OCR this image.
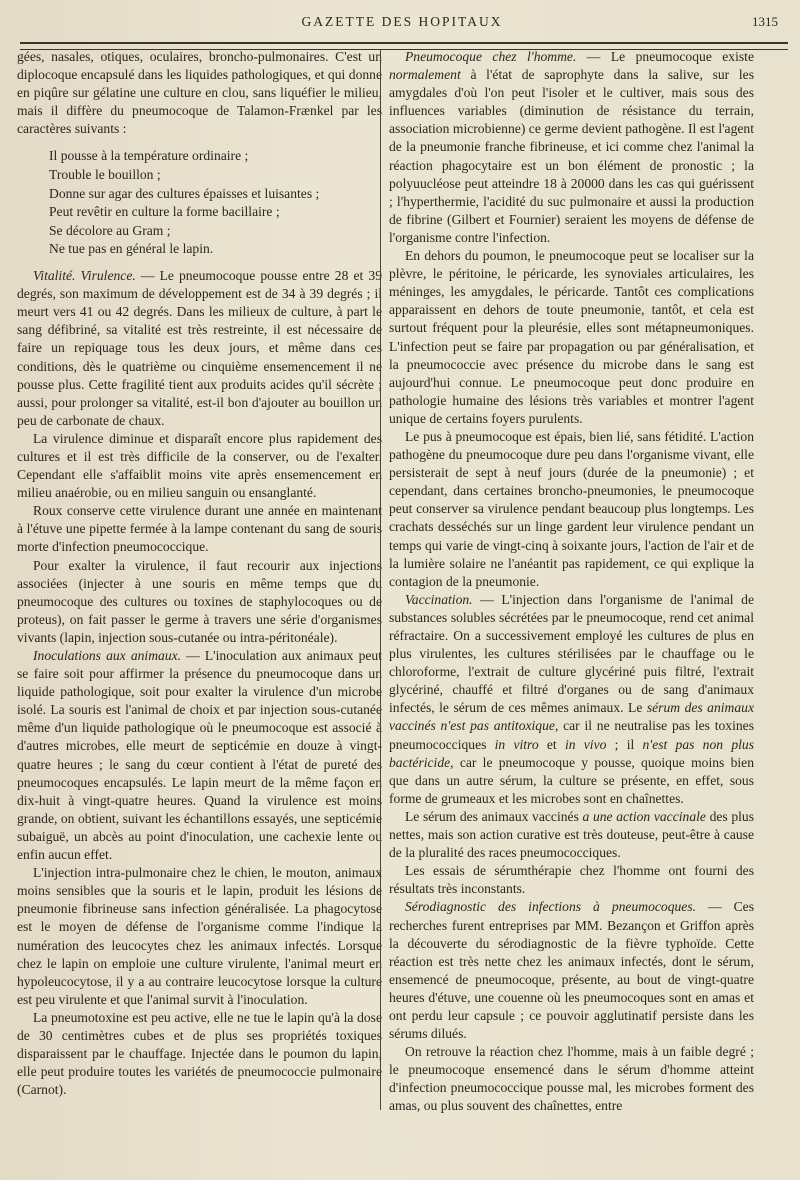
GAZETTE DES HOPITAUX	1315

gées, nasales, otiques, oculaires, broncho-pulmonaires. C'est un diplocoque encapsulé dans les liquides pathologiques, et qui donne en piqûre sur gélatine une culture en clou, sans liquéfier le milieu, mais il diffère du pneumocoque de Talamon-Frænkel par les caractères suivants :

Il pousse à la température ordinaire ;
Trouble le bouillon ;
Donne sur agar des cultures épaisses et luisantes ;
Peut revêtir en culture la forme bacillaire ;
Se décolore au Gram ;
Ne tue pas en général le lapin.

Vitalité. Virulence. — Le pneumocoque pousse entre 28 et 39 degrés, son maximum de développement est de 34 à 39 degrés ; il meurt vers 41 ou 42 degrés. Dans les milieux de culture, à part le sang défibriné, sa vitalité est très restreinte, il est nécessaire de faire un repiquage tous les deux jours, et même dans ces conditions, dès le quatrième ou cinquième ensemencement il ne pousse plus. Cette fragilité tient aux produits acides qu'il sécrète ; aussi, pour prolonger sa vitalité, est-il bon d'ajouter au bouillon un peu de carbonate de chaux.

La virulence diminue et disparaît encore plus rapidement des cultures et il est très difficile de la conserver, ou de l'exalter. Cependant elle s'affaiblit moins vite après ensemencement en milieu anaérobie, ou en milieu sanguin ou ensanglanté.

Roux conserve cette virulence durant une année en maintenant à l'étuve une pipette fermée à la lampe contenant du sang de souris morte d'infection pneumococcique.

Pour exalter la virulence, il faut recourir aux injections associées (injecter à une souris en même temps que du pneumocoque des cultures ou toxines de staphylocoques ou de proteus), on fait passer le germe à travers une série d'organismes vivants (lapin, injection sous-cutanée ou intra-péritonéale).

Inoculations aux animaux. — L'inoculation aux animaux peut se faire soit pour affirmer la présence du pneumocoque dans un liquide pathologique, soit pour exalter la virulence d'un microbe isolé. La souris est l'animal de choix et par injection sous-cutanée même d'un liquide pathologique où le pneumocoque est associé à d'autres microbes, elle meurt de septicémie en douze à vingt-quatre heures ; le sang du cœur contient à l'état de pureté des pneumocoques encapsulés. Le lapin meurt de la même façon en dix-huit à vingt-quatre heures. Quand la virulence est moins grande, on obtient, suivant les échantillons essayés, une septicémie subaiguë, un abcès au point d'inoculation, une cachexie lente ou enfin aucun effet.

L'injection intra-pulmonaire chez le chien, le mouton, animaux moins sensibles que la souris et le lapin, produit les lésions de pneumonie fibrineuse sans infection généralisée. La phagocytose est le moyen de défense de l'organisme comme l'indique la numération des leucocytes chez les animaux infectés. Lorsque chez le lapin on emploie une culture virulente, l'animal meurt en hypoleucocytose, il y a au contraire leucocytose lorsque la culture est peu virulente et que l'animal survit à l'inoculation.

La pneumotoxine est peu active, elle ne tue le lapin qu'à la dose de 30 centimètres cubes et de plus ses propriétés toxiques disparaissent par le chauffage. Injectée dans le poumon du lapin, elle peut produire toutes les variétés de pneumococcie pulmonaire (Carnot).

Pneumocoque chez l'homme. — Le pneumocoque existe normalement à l'état de saprophyte dans la salive, sur les amygdales d'où l'on peut l'isoler et le cultiver, mais sous des influences variables (diminution de résistance du terrain, association microbienne) ce germe devient pathogène. Il est l'agent de la pneumonie franche fibrineuse, et ici comme chez l'animal la réaction phagocytaire est un bon élément de pronostic ; la polyuucléose peut atteindre 18 à 20000 dans les cas qui guérissent ; l'hyperthermie, l'acidité du suc pulmonaire et aussi la production de fibrine (Gilbert et Fournier) seraient les moyens de défense de l'organisme contre l'infection.

En dehors du poumon, le pneumocoque peut se localiser sur la plèvre, le péritoine, le péricarde, les synoviales articulaires, les méninges, les amygdales, le péricarde. Tantôt ces complications apparaissent en dehors de toute pneumonie, tantôt, et cela est surtout fréquent pour la pleurésie, elles sont métapneumoniques. L'infection peut se faire par propagation ou par généralisation, et la pneumococcie avec présence du microbe dans le sang est aujourd'hui connue. Le pneumocoque peut donc produire en pathologie humaine des lésions très variables et montrer l'agent unique de certains foyers purulents.

Le pus à pneumocoque est épais, bien lié, sans fétidité. L'action pathogène du pneumocoque dure peu dans l'organisme vivant, elle persisterait de sept à neuf jours (durée de la pneumonie) ; et cependant, dans certaines broncho-pneumonies, le pneumocoque peut conserver sa virulence pendant beaucoup plus longtemps. Les crachats desséchés sur un linge gardent leur virulence pendant un temps qui varie de vingt-cinq à soixante jours, l'action de l'air et de la lumière solaire ne l'anéantit pas rapidement, ce qui explique la contagion de la pneumonie.

Vaccination. — L'injection dans l'organisme de l'animal de substances solubles sécrétées par le pneumocoque, rend cet animal réfractaire. On a successivement employé les cultures de plus en plus virulentes, les cultures stérilisées par le chauffage ou le chloroforme, l'extrait de culture glycériné puis filtré, l'extrait glycériné, chauffé et filtré d'organes ou de sang d'animaux infectés, le sérum de ces mêmes animaux. Le sérum des animaux vaccinés n'est pas antitoxique, car il ne neutralise pas les toxines pneumococciques in vitro et in vivo ; il n'est pas non plus bactéricide, car le pneumocoque y pousse, quoique moins bien que dans un autre sérum, la culture se présente, en effet, sous forme de grumeaux et les microbes sont en chaînettes.

Le sérum des animaux vaccinés a une action vaccinale des plus nettes, mais son action curative est très douteuse, peut-être à cause de la pluralité des races pneumococciques.

Les essais de sérumthérapie chez l'homme ont fourni des résultats très inconstants.

Sérodiagnostic des infections à pneumocoques. — Ces recherches furent entreprises par MM. Bezançon et Griffon après la découverte du sérodiagnostic de la fièvre typhoïde. Cette réaction est très nette chez les animaux infectés, dont le sérum, ensemencé de pneumocoque, présente, au bout de vingt-quatre heures d'étuve, une couenne où les pneumocoques sont en amas et ont perdu leur capsule ; ce pouvoir agglutinatif persiste dans les sérums dilués.

On retrouve la réaction chez l'homme, mais à un faible degré ; le pneumocoque ensemencé dans le sérum d'homme atteint d'infection pneumococcique pousse mal, les microbes forment des amas, ou plus souvent des chaînettes, entre
